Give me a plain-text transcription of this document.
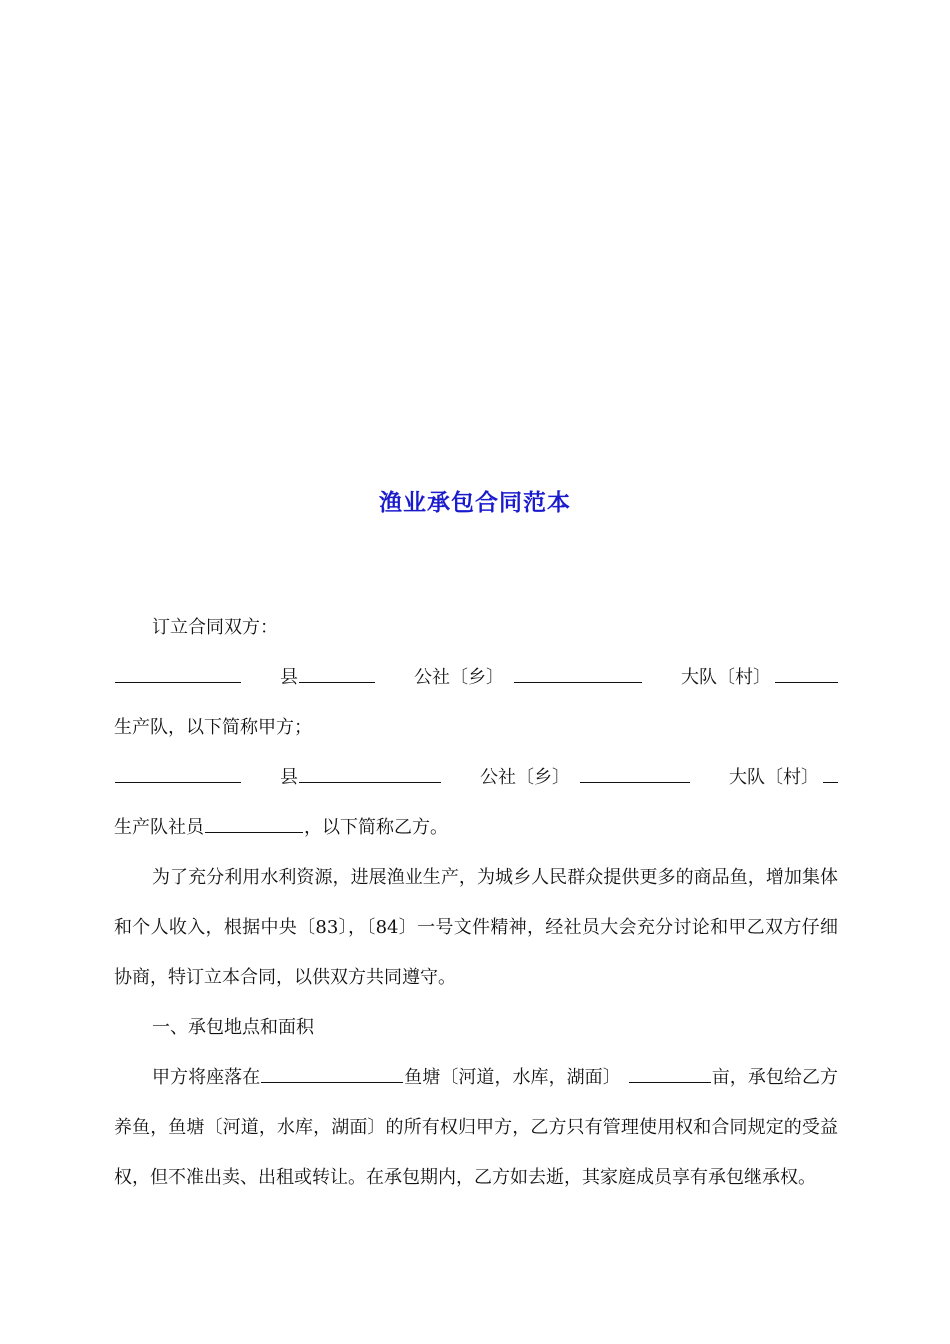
渔业承包合同范本

订立合同双方：

县	公社〔乡〕	大队〔村〕

生产队，以下简称甲方；

县	公社〔乡〕	大队〔村〕

生产队社员	，以下简称乙方。

为了充分利用水利资源，进展渔业生产，为城乡人民群众提供更多的商品鱼，增加集体和个人收入，根据中央〔83〕，〔84〕一号文件精神，经社员大会充分讨论和甲乙双方仔细协商，特订立本合同，以供双方共同遵守。

一、承包地点和面积

甲方将座落在	鱼塘〔河道，水库，湖面〕	亩，承包给乙方养鱼，鱼塘〔河道，水库，湖面〕的所有权归甲方，乙方只有管理使用权和合同规定的受益权，但不准出卖、出租或转让。在承包期内，乙方如去逝，其家庭成员享有承包继承权。
